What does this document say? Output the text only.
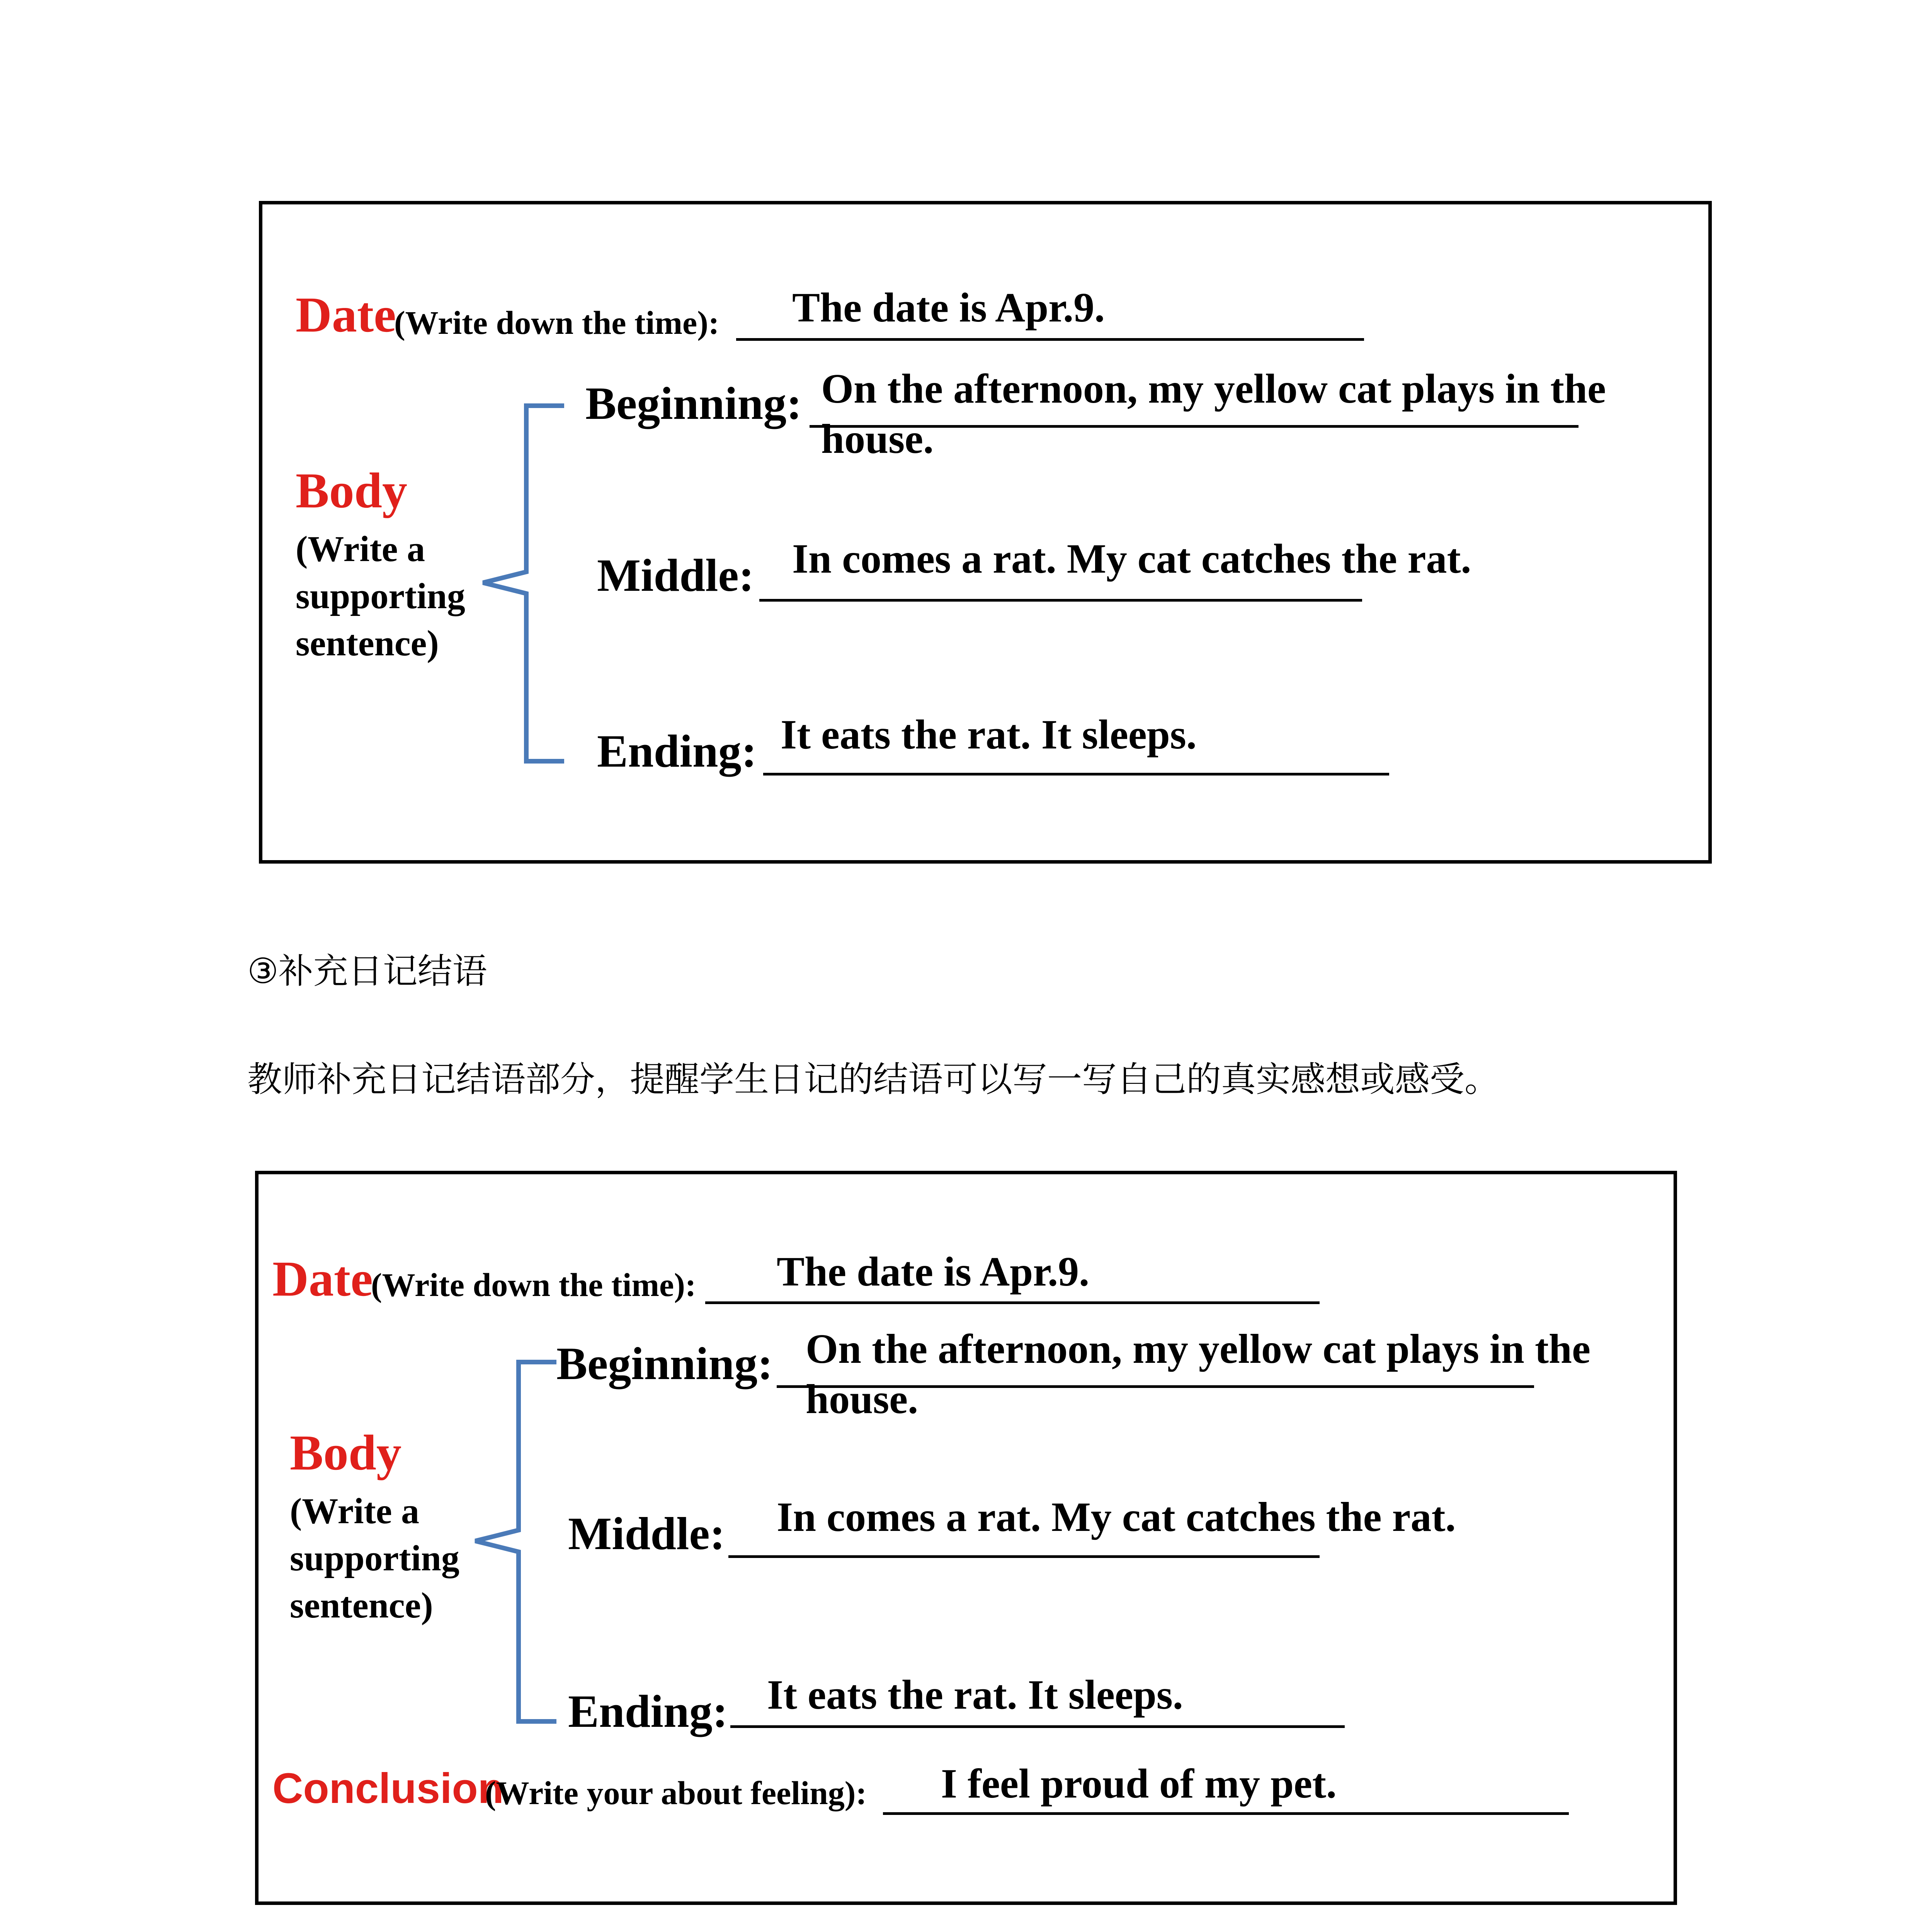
Date
(Write down the time): The date is Apr.9.
Body
(Write a supporting sentence)
Beginning: On the afternoon, my yellow cat plays in the
house.
Middle: In comes a rat. My cat catches the rat.
Ending: It eats the rat. It sleeps.
③补充日记结语
教师补充日记结语部分，提醒学生日记的结语可以写一写自己的真实感想或感受。
Date
(Write down the time): The date is Apr.9.
Body
(Write a supporting sentence)
Beginning: On the afternoon, my yellow cat plays in the
house.
Middle: In comes a rat. My cat catches the rat.
Ending: It eats the rat. It sleeps.
Conclusion
(Write your about feeling): I feel proud of my pet.
